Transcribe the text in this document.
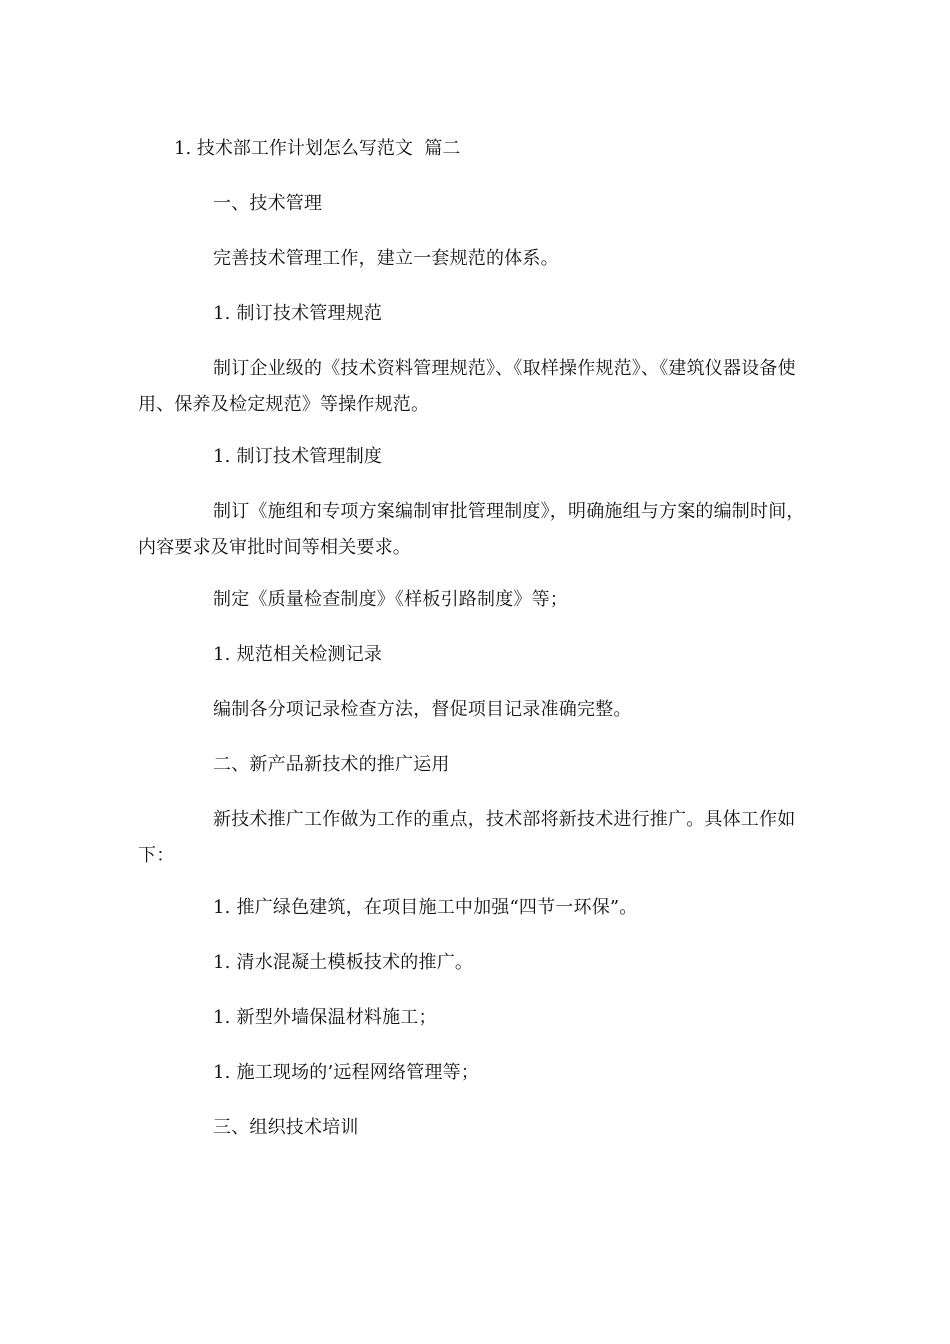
1. 技术部工作计划怎么写范文  篇二

一、技术管理

完善技术管理工作，建立一套规范的体系。

1. 制订技术管理规范

制订企业级的《技术资料管理规范》、《取样操作规范》、《建筑仪器设备使用、保养及检定规范》等操作规范。

1. 制订技术管理制度

制订《施组和专项方案编制审批管理制度》，明确施组与方案的编制时间，内容要求及审批时间等相关要求。

制定《质量检查制度》《样板引路制度》等；

1. 规范相关检测记录

编制各分项记录检查方法，督促项目记录准确完整。

二、新产品新技术的推广运用

新技术推广工作做为工作的重点，技术部将新技术进行推广。具体工作如下：

1. 推广绿色建筑，在项目施工中加强“四节一环保”。

1. 清水混凝土模板技术的推广。

1. 新型外墙保温材料施工；

1. 施工现场的’远程网络管理等；

三、组织技术培训
